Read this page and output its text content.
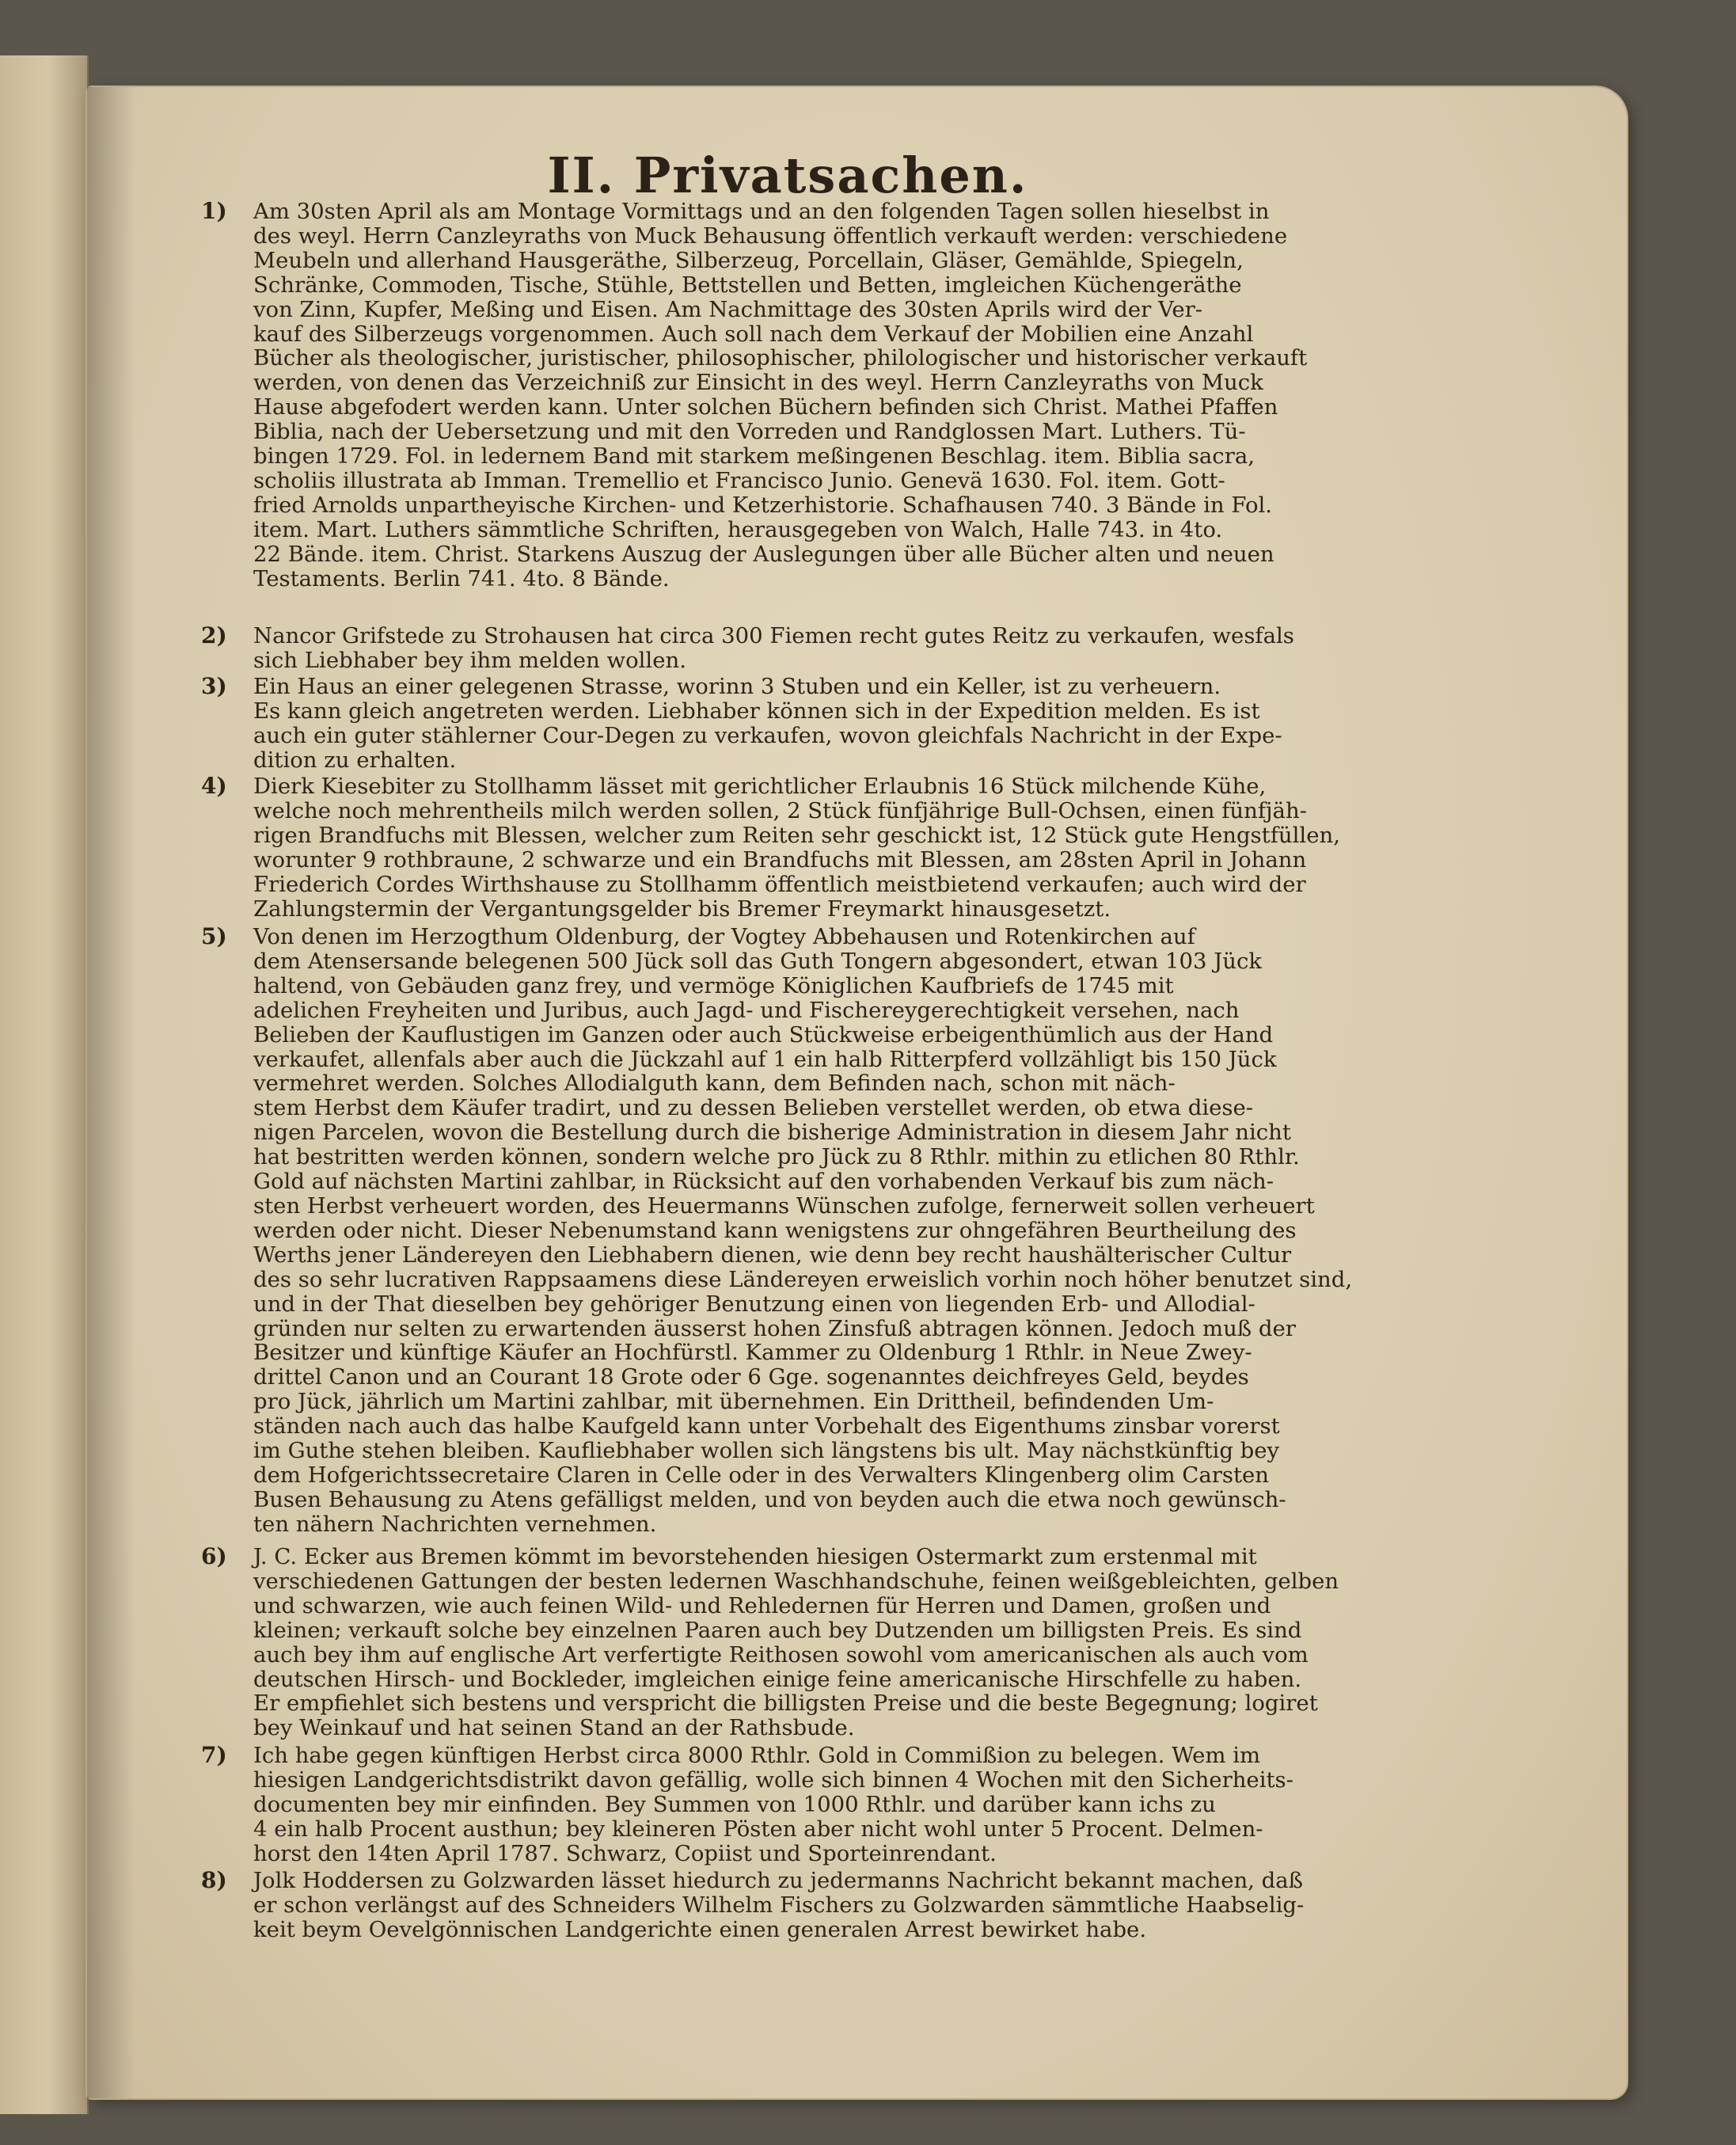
II. Privatsachen.
1) Am 30sten April als am Montage Vormittags und an den folgenden Tagen sollen hieselbst in
des weyl. Herrn Canzleyraths von Muck Behausung öffentlich verkauft werden: verschiedene
Meubeln und allerhand Hausgeräthe, Silberzeug, Porcellain, Gläser, Gemählde, Spiegeln,
Schränke, Commoden, Tische, Stühle, Bettstellen und Betten, imgleichen Küchengeräthe
von Zinn, Kupfer, Meßing und Eisen. Am Nachmittage des 30sten Aprils wird der Ver-
kauf des Silberzeugs vorgenommen. Auch soll nach dem Verkauf der Mobilien eine Anzahl
Bücher als theologischer, juristischer, philosophischer, philologischer und historischer verkauft
werden, von denen das Verzeichniß zur Einsicht in des weyl. Herrn Canzleyraths von Muck
Hause abgefodert werden kann. Unter solchen Büchern befinden sich Christ. Mathei Pfaffen
Biblia, nach der Uebersetzung und mit den Vorreden und Randglossen Mart. Luthers. Tü-
bingen 1729. Fol. in ledernem Band mit starkem meßingenen Beschlag. item. Biblia sacra,
scholiis illustrata ab Imman. Tremellio et Francisco Junio. Genevä 1630. Fol. item. Gott-
fried Arnolds unpartheyische Kirchen- und Ketzerhistorie. Schafhausen 740. 3 Bände in Fol.
item. Mart. Luthers sämmtliche Schriften, herausgegeben von Walch, Halle 743. in 4to.
22 Bände. item. Christ. Starkens Auszug der Auslegungen über alle Bücher alten und neuen
Testaments. Berlin 741. 4to. 8 Bände.
2) Nancor Grifstede zu Strohausen hat circa 300 Fiemen recht gutes Reitz zu verkaufen, wesfals
sich Liebhaber bey ihm melden wollen.
3) Ein Haus an einer gelegenen Strasse, worinn 3 Stuben und ein Keller, ist zu verheuern.
Es kann gleich angetreten werden. Liebhaber können sich in der Expedition melden. Es ist
auch ein guter stählerner Cour-Degen zu verkaufen, wovon gleichfals Nachricht in der Expe-
dition zu erhalten.
4) Dierk Kiesebiter zu Stollhamm lässet mit gerichtlicher Erlaubnis 16 Stück milchende Kühe,
welche noch mehrentheils milch werden sollen, 2 Stück fünfjährige Bull-Ochsen, einen fünfjäh-
rigen Brandfuchs mit Blessen, welcher zum Reiten sehr geschickt ist, 12 Stück gute Hengstfüllen,
worunter 9 rothbraune, 2 schwarze und ein Brandfuchs mit Blessen, am 28sten April in Johann
Friederich Cordes Wirthshause zu Stollhamm öffentlich meistbietend verkaufen; auch wird der
Zahlungstermin der Vergantungsgelder bis Bremer Freymarkt hinausgesetzt.
5) Von denen im Herzogthum Oldenburg, der Vogtey Abbehausen und Rotenkirchen auf
dem Atensersande belegenen 500 Jück soll das Guth Tongern abgesondert, etwan 103 Jück
haltend, von Gebäuden ganz frey, und vermöge Königlichen Kaufbriefs de 1745 mit
adelichen Freyheiten und Juribus, auch Jagd- und Fischereygerechtigkeit versehen, nach
Belieben der Kauflustigen im Ganzen oder auch Stückweise erbeigenthümlich aus der Hand
verkaufet, allenfals aber auch die Jückzahl auf 1 ein halb Ritterpferd vollzähligt bis 150 Jück
vermehret werden. Solches Allodialguth kann, dem Befinden nach, schon mit näch-
stem Herbst dem Käufer tradirt, und zu dessen Belieben verstellet werden, ob etwa diese-
nigen Parcelen, wovon die Bestellung durch die bisherige Administration in diesem Jahr nicht
hat bestritten werden können, sondern welche pro Jück zu 8 Rthlr. mithin zu etlichen 80 Rthlr.
Gold auf nächsten Martini zahlbar, in Rücksicht auf den vorhabenden Verkauf bis zum näch-
sten Herbst verheuert worden, des Heuermanns Wünschen zufolge, fernerweit sollen verheuert
werden oder nicht. Dieser Nebenumstand kann wenigstens zur ohngefähren Beurtheilung des
Werths jener Ländereyen den Liebhabern dienen, wie denn bey recht haushälterischer Cultur
des so sehr lucrativen Rappsaamens diese Ländereyen erweislich vorhin noch höher benutzet sind,
und in der That dieselben bey gehöriger Benutzung einen von liegenden Erb- und Allodial-
gründen nur selten zu erwartenden äusserst hohen Zinsfuß abtragen können. Jedoch muß der
Besitzer und künftige Käufer an Hochfürstl. Kammer zu Oldenburg 1 Rthlr. in Neue Zwey-
drittel Canon und an Courant 18 Grote oder 6 Gge. sogenanntes deichfreyes Geld, beydes
pro Jück, jährlich um Martini zahlbar, mit übernehmen. Ein Drittheil, befindenden Um-
ständen nach auch das halbe Kaufgeld kann unter Vorbehalt des Eigenthums zinsbar vorerst
im Guthe stehen bleiben. Kaufliebhaber wollen sich längstens bis ult. May nächstkünftig bey
dem Hofgerichtssecretaire Claren in Celle oder in des Verwalters Klingenberg olim Carsten
Busen Behausung zu Atens gefälligst melden, und von beyden auch die etwa noch gewünsch-
ten nähern Nachrichten vernehmen.
6) J. C. Ecker aus Bremen kömmt im bevorstehenden hiesigen Ostermarkt zum erstenmal mit
verschiedenen Gattungen der besten ledernen Waschhandschuhe, feinen weißgebleichten, gelben
und schwarzen, wie auch feinen Wild- und Rehledernen für Herren und Damen, großen und
kleinen; verkauft solche bey einzelnen Paaren auch bey Dutzenden um billigsten Preis. Es sind
auch bey ihm auf englische Art verfertigte Reithosen sowohl vom americanischen als auch vom
deutschen Hirsch- und Bockleder, imgleichen einige feine americanische Hirschfelle zu haben.
Er empfiehlet sich bestens und verspricht die billigsten Preise und die beste Begegnung; logiret
bey Weinkauf und hat seinen Stand an der Rathsbude.
7) Ich habe gegen künftigen Herbst circa 8000 Rthlr. Gold in Commißion zu belegen. Wem im
hiesigen Landgerichtsdistrikt davon gefällig, wolle sich binnen 4 Wochen mit den Sicherheits-
documenten bey mir einfinden. Bey Summen von 1000 Rthlr. und darüber kann ichs zu
4 ein halb Procent austhun; bey kleineren Pösten aber nicht wohl unter 5 Procent. Delmen-
horst den 14ten April 1787. Schwarz, Copiist und Sporteinrendant.
8) Jolk Hoddersen zu Golzwarden lässet hiedurch zu jedermanns Nachricht bekannt machen, daß
er schon verlängst auf des Schneiders Wilhelm Fischers zu Golzwarden sämmtliche Haabselig-
keit beym Oevelgönnischen Landgerichte einen generalen Arrest bewirket habe.
